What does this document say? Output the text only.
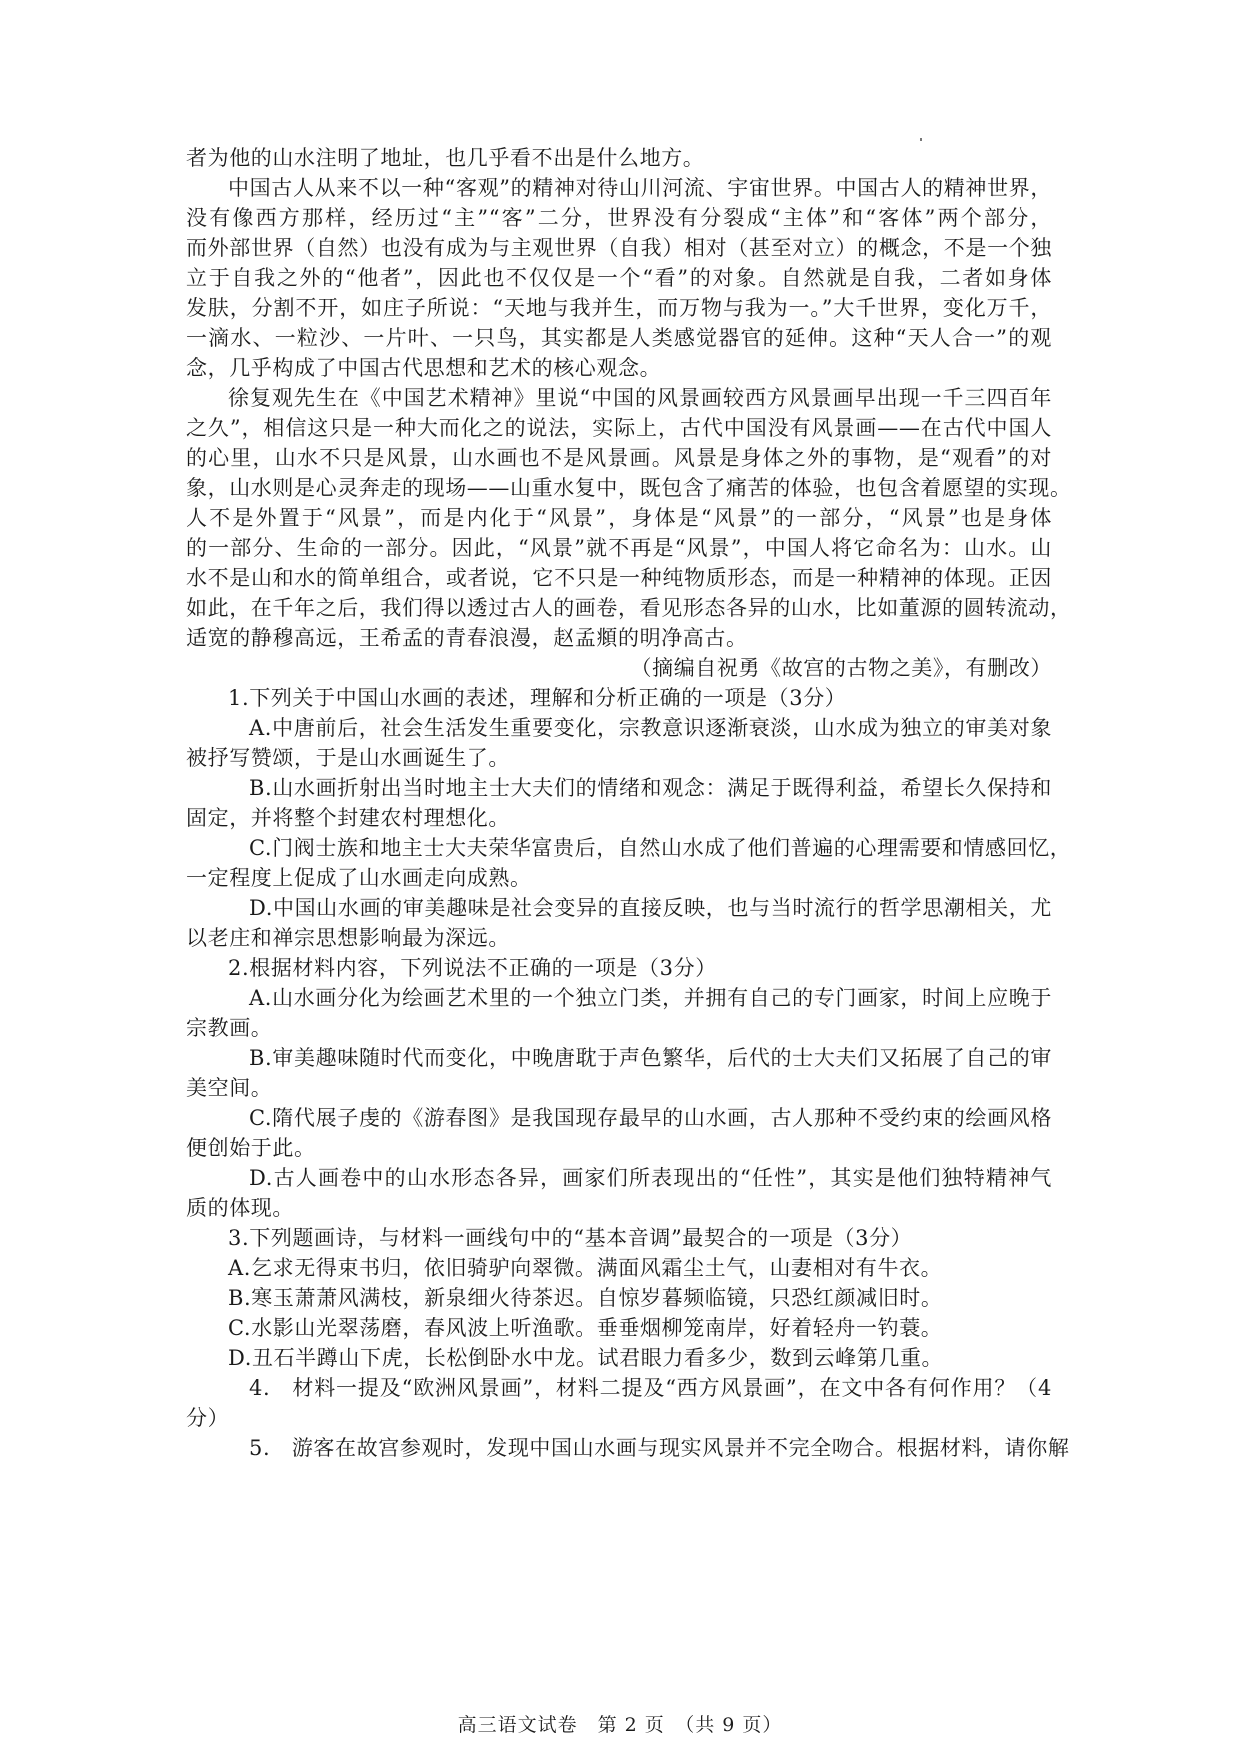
者为他的山水注明了地址，也几乎看不出是什么地方。
中国古人从来不以一种“客观”的精神对待山川河流、宇宙世界。中国古人的精神世界，
没有像西方那样，经历过“主”“客”二分，世界没有分裂成“主体”和“客体”两个部分，
而外部世界（自然）也没有成为与主观世界（自我）相对（甚至对立）的概念，不是一个独
立于自我之外的“他者”，因此也不仅仅是一个“看”的对象。自然就是自我，二者如身体
发肤，分割不开，如庄子所说：“天地与我并生，而万物与我为一。”大千世界，变化万千，
一滴水、一粒沙、一片叶、一只鸟，其实都是人类感觉器官的延伸。这种“天人合一”的观
念，几乎构成了中国古代思想和艺术的核心观念。
徐复观先生在《中国艺术精神》里说“中国的风景画较西方风景画早出现一千三四百年
之久”，相信这只是一种大而化之的说法，实际上，古代中国没有风景画——在古代中国人
的心里，山水不只是风景，山水画也不是风景画。风景是身体之外的事物，是“观看”的对
象，山水则是心灵奔走的现场——山重水复中，既包含了痛苦的体验，也包含着愿望的实现。
人不是外置于“风景”，而是内化于“风景”，身体是“风景”的一部分，“风景”也是身体
的一部分、生命的一部分。因此，“风景”就不再是“风景”，中国人将它命名为：山水。山
水不是山和水的简单组合，或者说，它不只是一种纯物质形态，而是一种精神的体现。正因
如此，在千年之后，我们得以透过古人的画卷，看见形态各异的山水，比如董源的圆转流动，
适宽的静穆高远，王希孟的青春浪漫，赵孟頫的明净高古。
（摘编自祝勇《故宫的古物之美》，有删改）
1.下列关于中国山水画的表述，理解和分析正确的一项是（3分）
A.中唐前后，社会生活发生重要变化，宗教意识逐渐衰淡，山水成为独立的审美对象
被抒写赞颂，于是山水画诞生了。
B.山水画折射出当时地主士大夫们的情绪和观念：满足于既得利益，希望长久保持和
固定，并将整个封建农村理想化。
C.门阀士族和地主士大夫荣华富贵后，自然山水成了他们普遍的心理需要和情感回忆，
一定程度上促成了山水画走向成熟。
D.中国山水画的审美趣味是社会变异的直接反映，也与当时流行的哲学思潮相关，尤
以老庄和禅宗思想影响最为深远。
2.根据材料内容，下列说法不正确的一项是（3分）
A.山水画分化为绘画艺术里的一个独立门类，并拥有自己的专门画家，时间上应晚于
宗教画。
B.审美趣味随时代而变化，中晚唐耽于声色繁华，后代的士大夫们又拓展了自己的审
美空间。
C.隋代展子虔的《游春图》是我国现存最早的山水画，古人那种不受约束的绘画风格
便创始于此。
D.古人画卷中的山水形态各异，画家们所表现出的“任性”，其实是他们独特精神气
质的体现。
3.下列题画诗，与材料一画线句中的“基本音调”最契合的一项是（3分）
A.乞求无得束书归，依旧骑驴向翠微。满面风霜尘土气，山妻相对有牛衣。
B.寒玉萧萧风满枝，新泉细火待茶迟。自惊岁暮频临镜，只恐红颜减旧时。
C.水影山光翠荡磨，春风波上听渔歌。垂垂烟柳笼南岸，好着轻舟一钓蓑。
D.丑石半蹲山下虎，长松倒卧水中龙。试君眼力看多少，数到云峰第几重。
4.　材料一提及“欧洲风景画”，材料二提及“西方风景画”，在文中各有何作用？（4
分）
5.　游客在故宫参观时，发现中国山水画与现实风景并不完全吻合。根据材料，请你解
高三语文试卷　第 2 页　（共 9 页）
